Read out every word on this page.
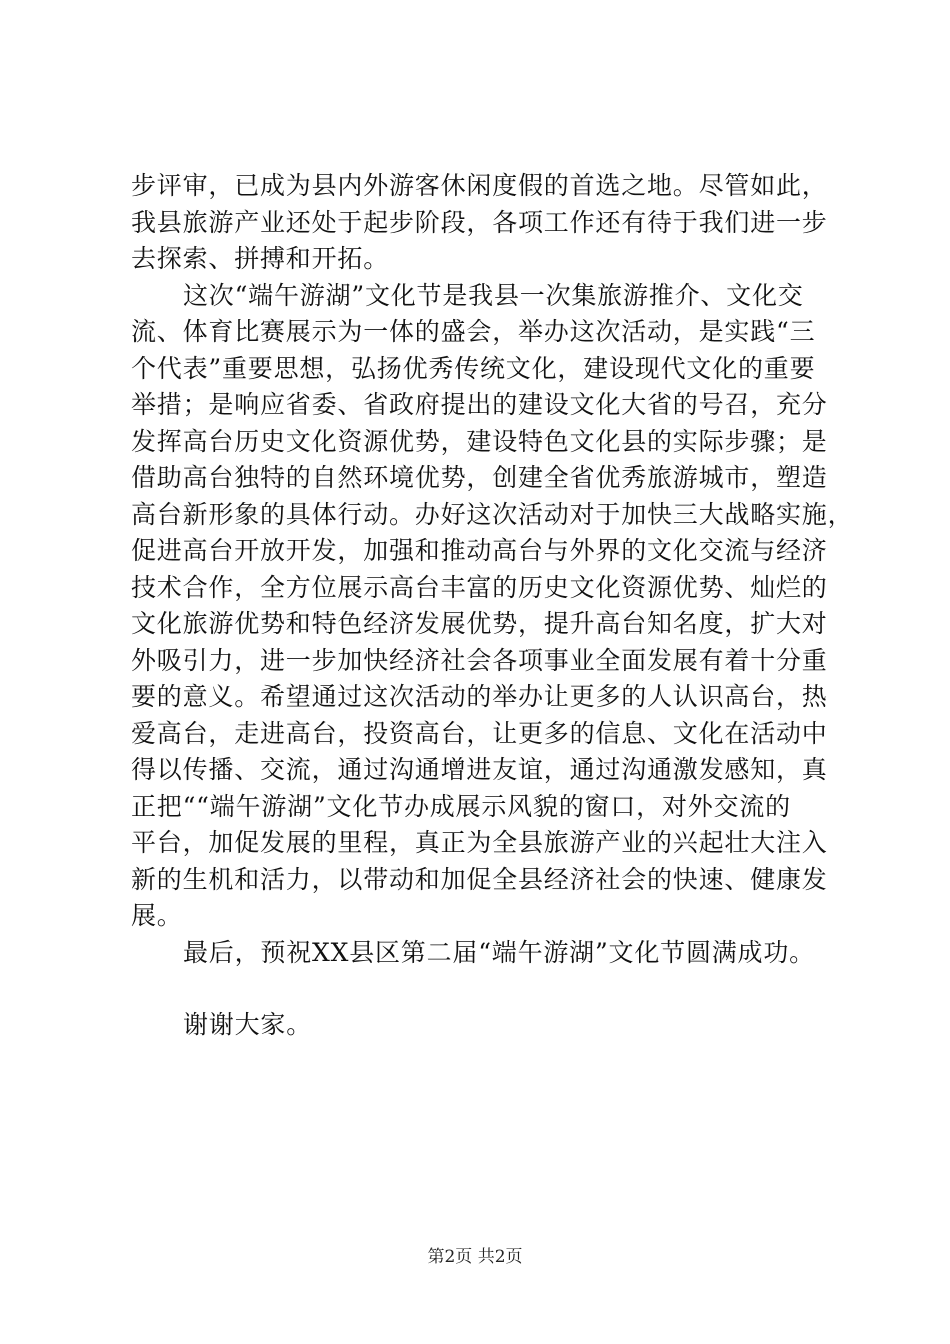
步评审，已成为县内外游客休闲度假的首选之地。尽管如此，
我县旅游产业还处于起步阶段，各项工作还有待于我们进一步
去探索、拼搏和开拓。
这次“端午游湖”文化节是我县一次集旅游推介、文化交
流、体育比赛展示为一体的盛会，举办这次活动，是实践“三
个代表”重要思想，弘扬优秀传统文化，建设现代文化的重要
举措；是响应省委、省政府提出的建设文化大省的号召，充分
发挥高台历史文化资源优势，建设特色文化县的实际步骤；是
借助高台独特的自然环境优势，创建全省优秀旅游城市，塑造
高台新形象的具体行动。办好这次活动对于加快三大战略实施，
促进高台开放开发，加强和推动高台与外界的文化交流与经济
技术合作，全方位展示高台丰富的历史文化资源优势、灿烂的
文化旅游优势和特色经济发展优势，提升高台知名度，扩大对
外吸引力，进一步加快经济社会各项事业全面发展有着十分重
要的意义。希望通过这次活动的举办让更多的人认识高台，热
爱高台，走进高台，投资高台，让更多的信息、文化在活动中
得以传播、交流，通过沟通增进友谊，通过沟通激发感知，真
正把““端午游湖”文化节办成展示风貌的窗口，对外交流的
平台，加促发展的里程，真正为全县旅游产业的兴起壮大注入
新的生机和活力，以带动和加促全县经济社会的快速、健康发
展。
最后，预祝XX县区第二届“端午游湖”文化节圆满成功。
谢谢大家。
第2页 共2页
